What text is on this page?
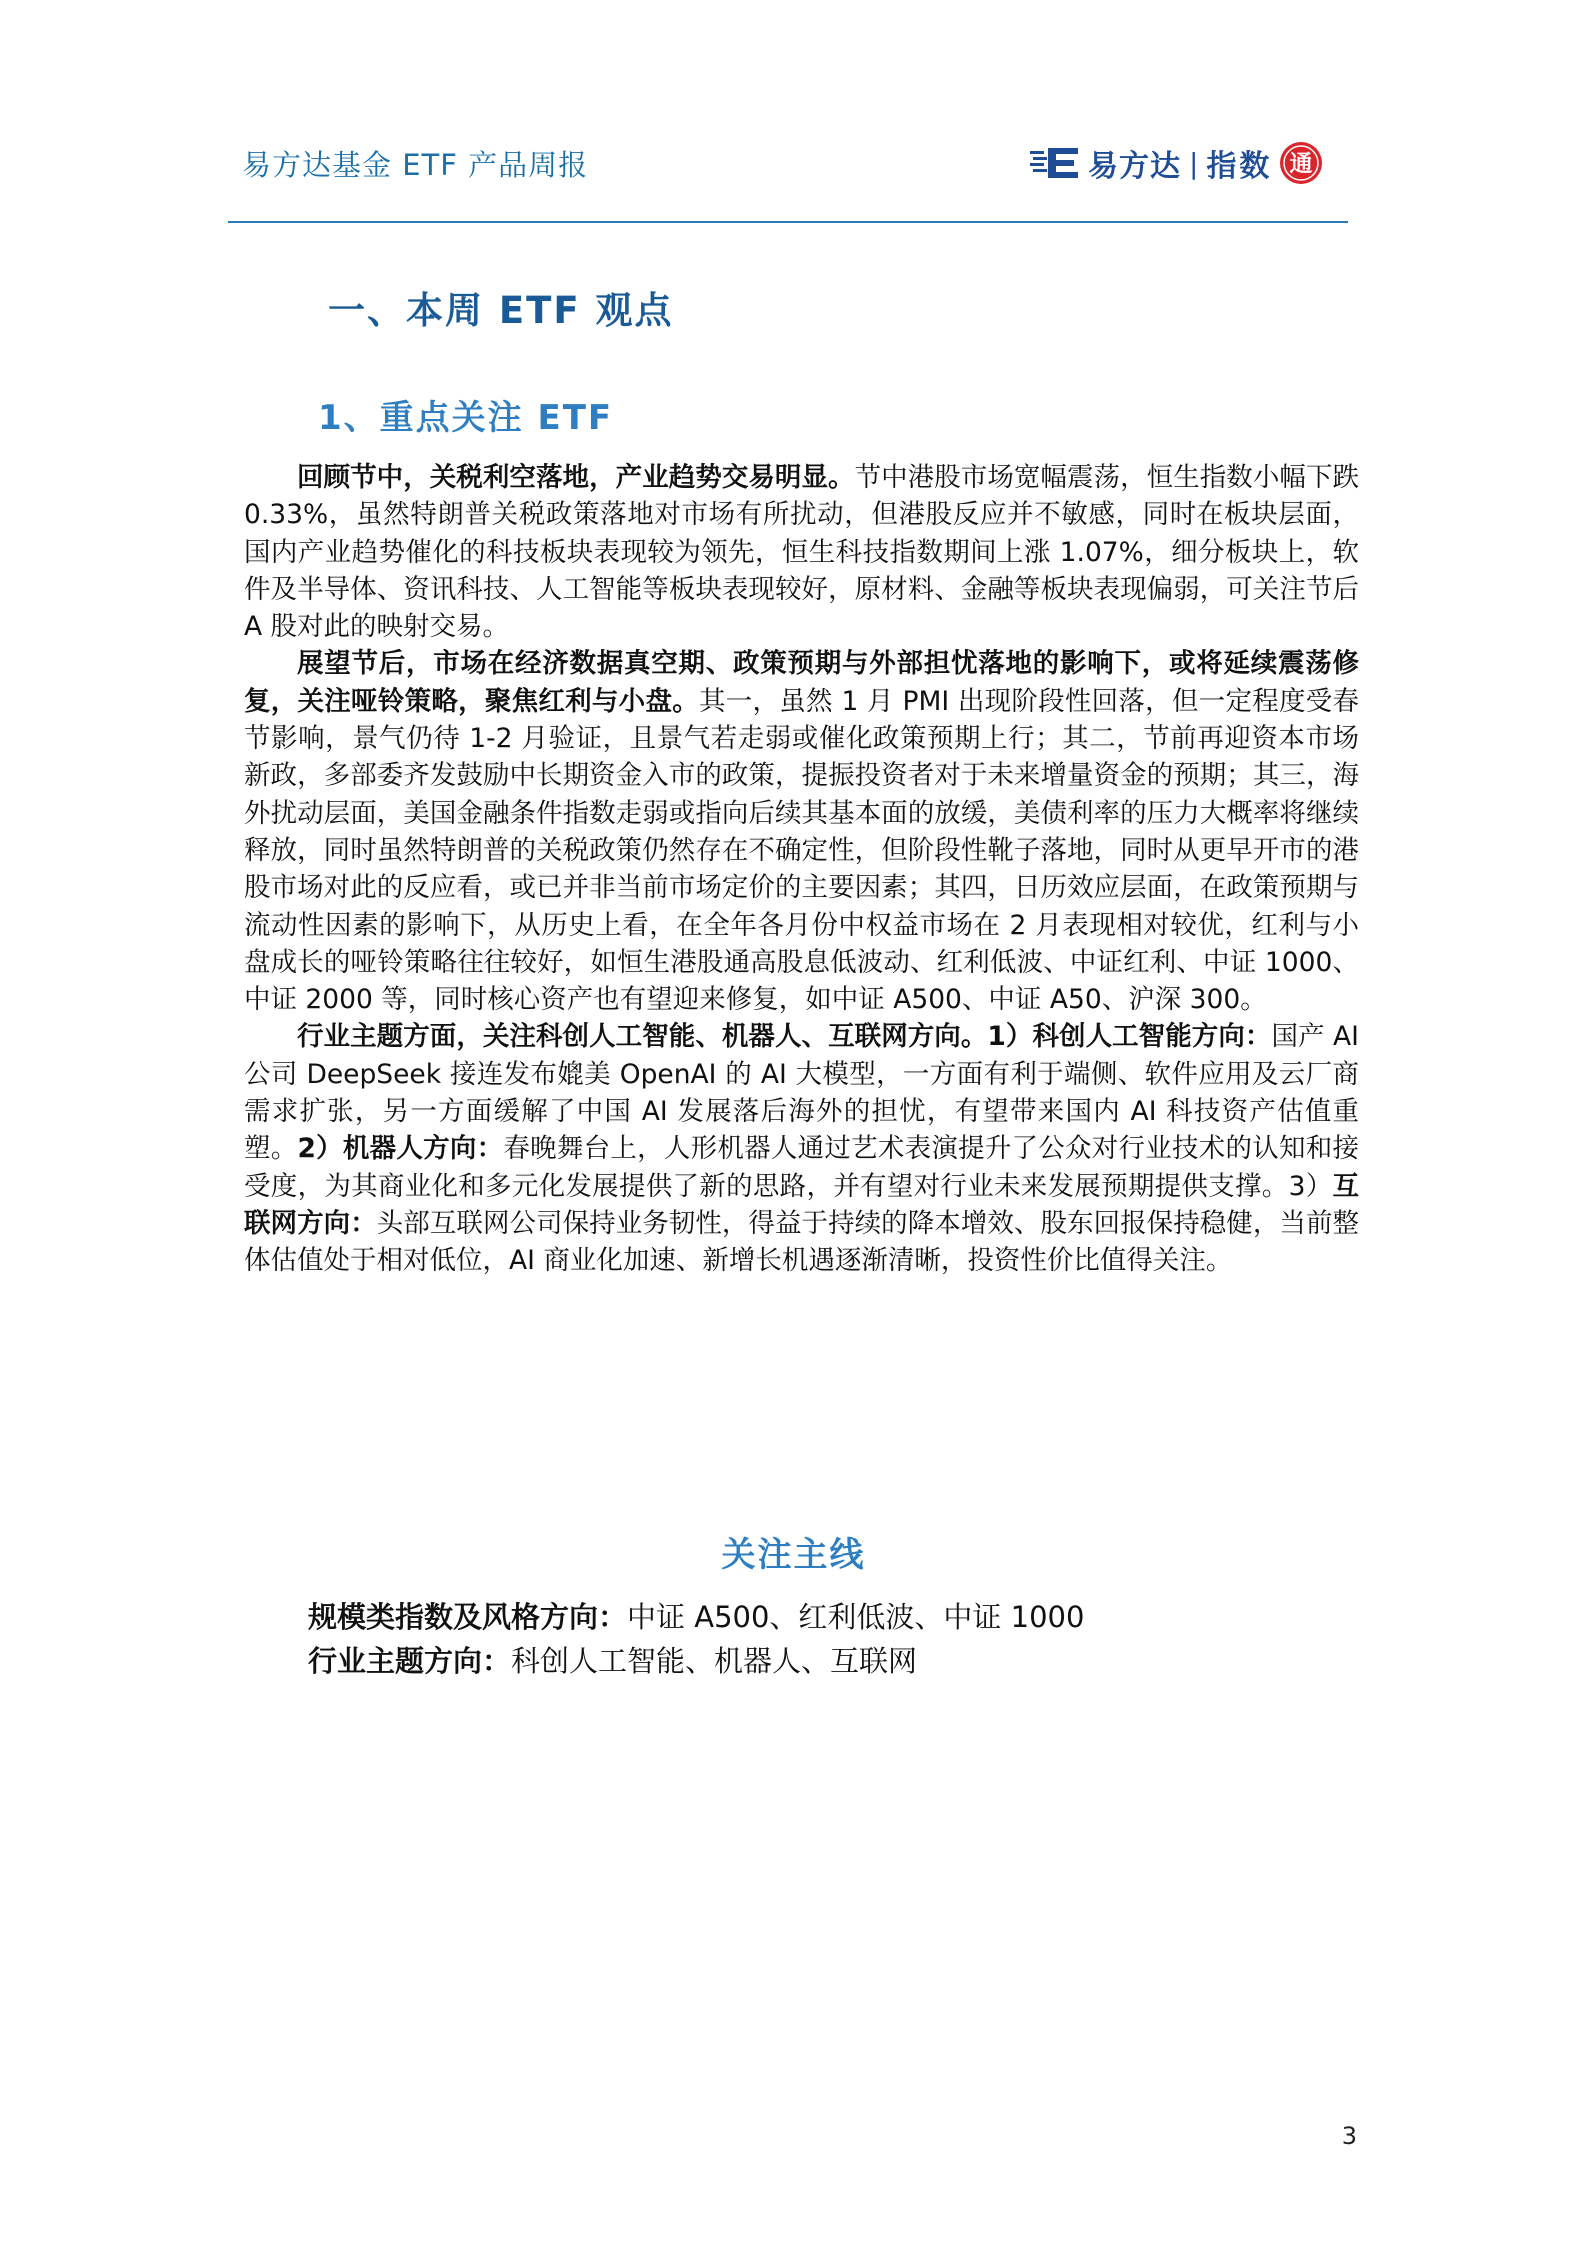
易方达基金 ETF 产品周报	易方达 | 指数 通
一、本周 ETF 观点
1、重点关注 ETF

回顾节中，关税利空落地，产业趋势交易明显。节中港股市场宽幅震荡，恒生指数小幅下跌 0.33%，虽然特朗普关税政策落地对市场有所扰动，但港股反应并不敏感，同时在板块层面，国内产业趋势催化的科技板块表现较为领先，恒生科技指数期间上涨 1.07%，细分板块上，软件及半导体、资讯科技、人工智能等板块表现较好，原材料、金融等板块表现偏弱，可关注节后 A 股对此的映射交易。

展望节后，市场在经济数据真空期、政策预期与外部担忧落地的影响下，或将延续震荡修复，关注哑铃策略，聚焦红利与小盘。其一，虽然 1 月 PMI 出现阶段性回落，但一定程度受春节影响，景气仍待 1-2 月验证，且景气若走弱或催化政策预期上行；其二，节前再迎资本市场新政，多部委齐发鼓励中长期资金入市的政策，提振投资者对于未来增量资金的预期；其三，海外扰动层面，美国金融条件指数走弱或指向后续其基本面的放缓，美债利率的压力大概率将继续释放，同时虽然特朗普的关税政策仍然存在不确定性，但阶段性靴子落地，同时从更早开市的港股市场对此的反应看，或已并非当前市场定价的主要因素；其四，日历效应层面，在政策预期与流动性因素的影响下，从历史上看，在全年各月份中权益市场在 2 月表现相对较优，红利与小盘成长的哑铃策略往往较好，如恒生港股通高股息低波动、红利低波、中证红利、中证 1000、中证 2000 等，同时核心资产也有望迎来修复，如中证 A500、中证 A50、沪深 300。

行业主题方面，关注科创人工智能、机器人、互联网方向。1）科创人工智能方向：国产 AI 公司 DeepSeek 接连发布媲美 OpenAI 的 AI 大模型，一方面有利于端侧、软件应用及云厂商需求扩张，另一方面缓解了中国 AI 发展落后海外的担忧，有望带来国内 AI 科技资产估值重塑。2）机器人方向：春晚舞台上，人形机器人通过艺术表演提升了公众对行业技术的认知和接受度，为其商业化和多元化发展提供了新的思路，并有望对行业未来发展预期提供支撑。3）互联网方向：头部互联网公司保持业务韧性，得益于持续的降本增效、股东回报保持稳健，当前整体估值处于相对低位，AI 商业化加速、新增长机遇逐渐清晰，投资性价比值得关注。

关注主线
规模类指数及风格方向：中证 A500、红利低波、中证 1000
行业主题方向：科创人工智能、机器人、互联网
3
